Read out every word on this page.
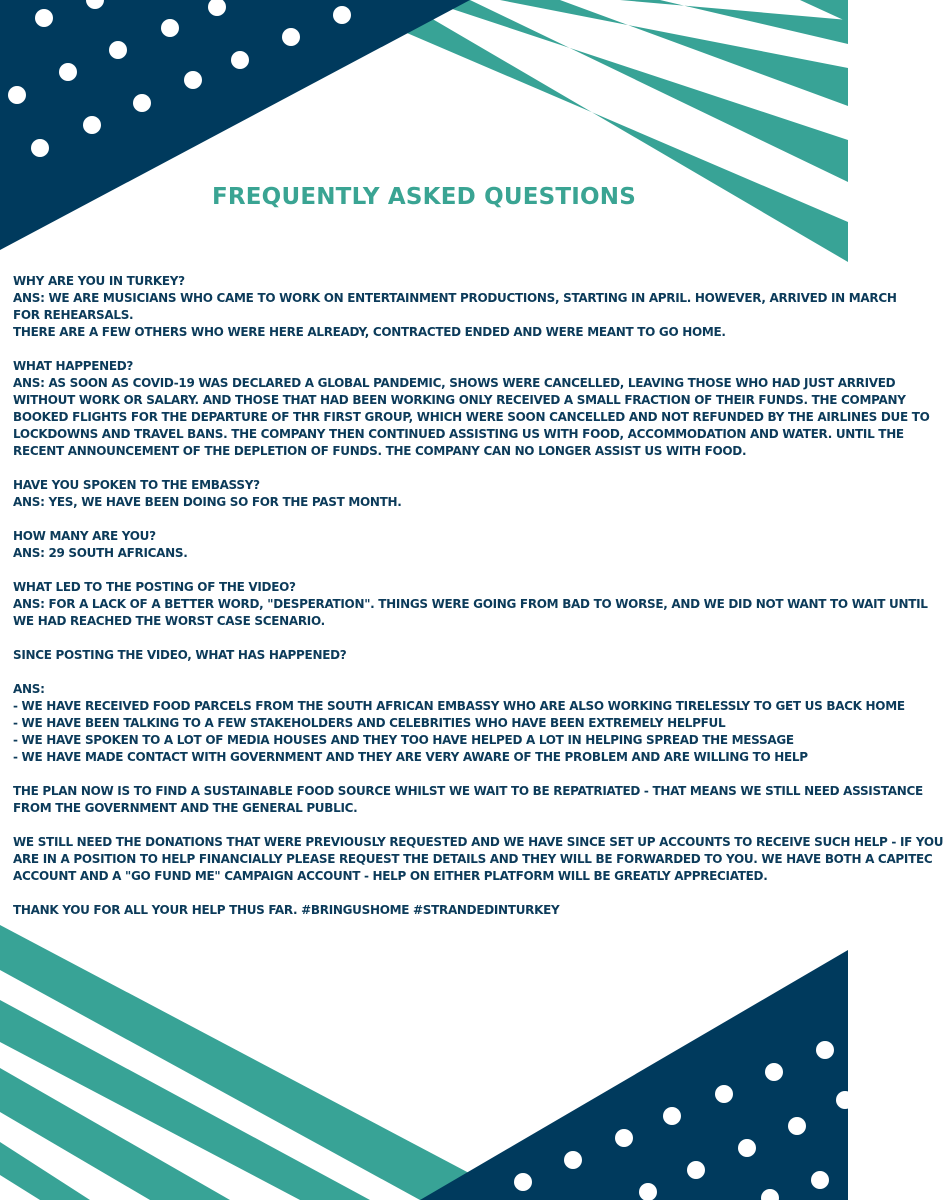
FREQUENTLY ASKED QUESTIONS
WHY ARE YOU IN TURKEY?
ANS: WE ARE MUSICIANS WHO CAME TO WORK ON ENTERTAINMENT PRODUCTIONS, STARTING IN APRIL. HOWEVER, ARRIVED IN MARCH
FOR REHEARSALS.
THERE ARE A FEW OTHERS WHO WERE HERE ALREADY, CONTRACTED ENDED AND WERE MEANT TO GO HOME.
WHAT HAPPENED?
ANS: AS SOON AS COVID-19 WAS DECLARED A GLOBAL PANDEMIC, SHOWS WERE CANCELLED, LEAVING THOSE WHO HAD JUST ARRIVED
WITHOUT WORK OR SALARY. AND THOSE THAT HAD BEEN WORKING ONLY RECEIVED A SMALL FRACTION OF THEIR FUNDS. THE COMPANY
BOOKED FLIGHTS FOR THE DEPARTURE OF THR FIRST GROUP, WHICH WERE SOON CANCELLED AND NOT REFUNDED BY THE AIRLINES DUE TO
LOCKDOWNS AND TRAVEL BANS. THE COMPANY THEN CONTINUED ASSISTING US WITH FOOD, ACCOMMODATION AND WATER. UNTIL THE
RECENT ANNOUNCEMENT OF THE DEPLETION OF FUNDS. THE COMPANY CAN NO LONGER ASSIST US WITH FOOD.
HAVE YOU SPOKEN TO THE EMBASSY?
ANS: YES, WE HAVE BEEN DOING SO FOR THE PAST MONTH.
HOW MANY ARE YOU?
ANS: 29 SOUTH AFRICANS.
WHAT LED TO THE POSTING OF THE VIDEO?
ANS: FOR A LACK OF A BETTER WORD, "DESPERATION". THINGS WERE GOING FROM BAD TO WORSE, AND WE DID NOT WANT TO WAIT UNTIL
WE HAD REACHED THE WORST CASE SCENARIO.
SINCE POSTING THE VIDEO, WHAT HAS HAPPENED?
ANS:
- WE HAVE RECEIVED FOOD PARCELS FROM THE SOUTH AFRICAN EMBASSY WHO ARE ALSO WORKING TIRELESSLY TO GET US BACK HOME
- WE HAVE BEEN TALKING TO A FEW STAKEHOLDERS AND CELEBRITIES WHO HAVE BEEN EXTREMELY HELPFUL
- WE HAVE SPOKEN TO A LOT OF MEDIA HOUSES AND THEY TOO HAVE HELPED A LOT IN HELPING SPREAD THE MESSAGE
- WE HAVE MADE CONTACT WITH GOVERNMENT AND THEY ARE VERY AWARE OF THE PROBLEM AND ARE WILLING TO HELP
THE PLAN NOW IS TO FIND A SUSTAINABLE FOOD SOURCE WHILST WE WAIT TO BE REPATRIATED - THAT MEANS WE STILL NEED ASSISTANCE
FROM THE GOVERNMENT AND THE GENERAL PUBLIC.
WE STILL NEED THE DONATIONS THAT WERE PREVIOUSLY REQUESTED AND WE HAVE SINCE SET UP ACCOUNTS TO RECEIVE SUCH HELP - IF YOU
ARE IN A POSITION TO HELP FINANCIALLY PLEASE REQUEST THE DETAILS AND THEY WILL BE FORWARDED TO YOU. WE HAVE BOTH A CAPITEC
ACCOUNT AND A "GO FUND ME" CAMPAIGN ACCOUNT - HELP ON EITHER PLATFORM WILL BE GREATLY APPRECIATED.
THANK YOU FOR ALL YOUR HELP THUS FAR. #BRINGUSHOME #STRANDEDINTURKEY
